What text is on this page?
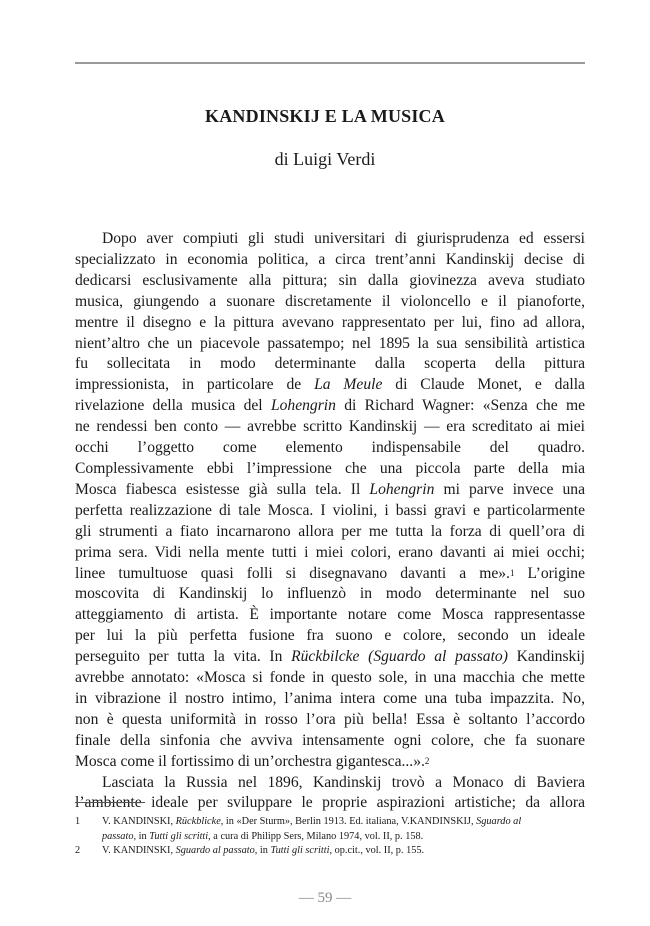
KANDINSKIJ E LA MUSICA
di Luigi Verdi
Dopo aver compiuti gli studi universitari di giurisprudenza ed essersi
specializzato in economia politica, a circa trent’anni Kandinskij decise di
dedicarsi esclusivamente alla pittura; sin dalla giovinezza aveva studiato
musica, giungendo a suonare discretamente il violoncello e il pianoforte,
mentre il disegno e la pittura avevano rappresentato per lui, fino ad allora,
nient’altro che un piacevole passatempo; nel 1895 la sua sensibilità artistica
fu sollecitata in modo determinante dalla scoperta della pittura
impressionista, in particolare de La Meule di Claude Monet, e dalla
rivelazione della musica del Lohengrin di Richard Wagner: «Senza che me
ne rendessi ben conto — avrebbe scritto Kandinskij — era screditato ai miei
occhi l’oggetto come elemento indispensabile del quadro.
Complessivamente ebbi l’impressione che una piccola parte della mia
Mosca fiabesca esistesse già sulla tela. Il Lohengrin mi parve invece una
perfetta realizzazione di tale Mosca. I violini, i bassi gravi e particolarmente
gli strumenti a fiato incarnarono allora per me tutta la forza di quell’ora di
prima sera. Vidi nella mente tutti i miei colori, erano davanti ai miei occhi;
linee tumultuose quasi folli si disegnavano davanti a me».$^1$ L’origine
moscovita di Kandinskij lo influenzò in modo determinante nel suo
atteggiamento di artista. È importante notare come Mosca rappresentasse
per lui la più perfetta fusione fra suono e colore, secondo un ideale
perseguito per tutta la vita. In Rückbilcke (Sguardo al passato) Kandinskij
avrebbe annotato: «Mosca si fonde in questo sole, in una macchia che mette
in vibrazione il nostro intimo, l’anima intera come una tuba impazzita. No,
non è questa uniformità in rosso l’ora più bella! Essa è soltanto l’accordo
finale della sinfonia che avviva intensamente ogni colore, che fa suonare
Mosca come il fortissimo di un’orchestra gigantesca...».$^2$
Lasciata la Russia nel 1896, Kandinskij trovò a Monaco di Baviera
l’ambiente ideale per sviluppare le proprie aspirazioni artistiche; da allora
1	V. KANDINSKI, Rückblicke, in «Der Sturm», Berlin 1913. Ed. italiana, V.KANDINSKIJ, Sguardo al
passato, in Tutti gli scritti, a cura di Philipp Sers, Milano 1974, vol. II, p. 158.
2	V. KANDINSKI, Sguardo al passato, in Tutti gli scritti, op.cit., vol. II, p. 155.
— 59 —
